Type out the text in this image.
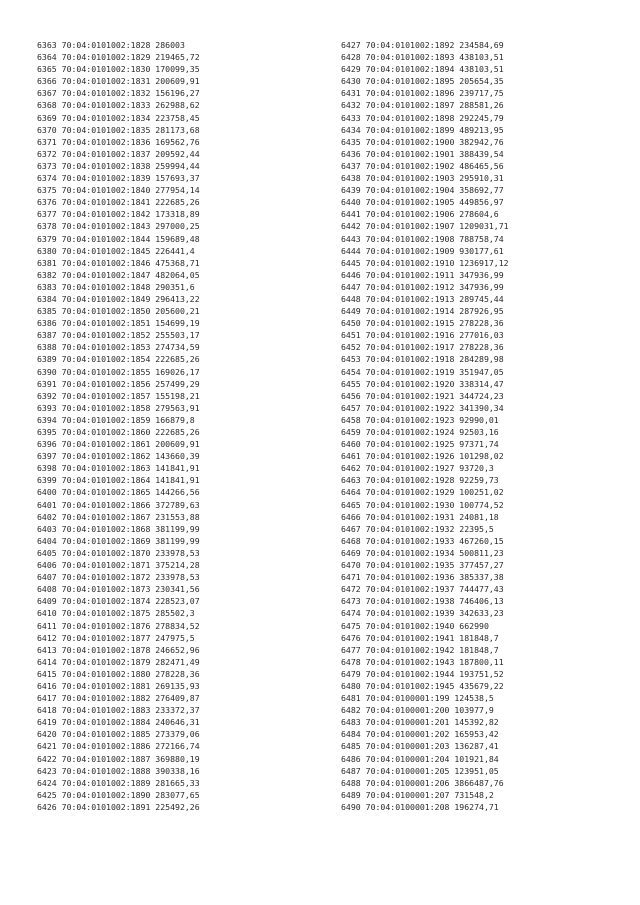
6363 70:04:0101002:1828 286003
6364 70:04:0101002:1829 219465,72
6365 70:04:0101002:1830 170099,35
6366 70:04:0101002:1831 200609,91
6367 70:04:0101002:1832 156196,27
6368 70:04:0101002:1833 262988,62
6369 70:04:0101002:1834 223758,45
6370 70:04:0101002:1835 281173,68
6371 70:04:0101002:1836 169562,76
6372 70:04:0101002:1837 209592,44
6373 70:04:0101002:1838 259994,44
6374 70:04:0101002:1839 157693,37
6375 70:04:0101002:1840 277954,14
6376 70:04:0101002:1841 222685,26
6377 70:04:0101002:1842 173318,89
6378 70:04:0101002:1843 297000,25
6379 70:04:0101002:1844 159689,48
6380 70:04:0101002:1845 226441,4
6381 70:04:0101002:1846 475368,71
6382 70:04:0101002:1847 482064,05
6383 70:04:0101002:1848 290351,6
6384 70:04:0101002:1849 296413,22
6385 70:04:0101002:1850 205600,21
6386 70:04:0101002:1851 154699,19
6387 70:04:0101002:1852 255503,17
6388 70:04:0101002:1853 274734,59
6389 70:04:0101002:1854 222685,26
6390 70:04:0101002:1855 169026,17
6391 70:04:0101002:1856 257499,29
6392 70:04:0101002:1857 155198,21
6393 70:04:0101002:1858 279563,91
6394 70:04:0101002:1859 166879,8
6395 70:04:0101002:1860 222685,26
6396 70:04:0101002:1861 200609,91
6397 70:04:0101002:1862 143660,39
6398 70:04:0101002:1863 141841,91
6399 70:04:0101002:1864 141841,91
6400 70:04:0101002:1865 144266,56
6401 70:04:0101002:1866 372789,63
6402 70:04:0101002:1867 231553,88
6403 70:04:0101002:1868 381199,99
6404 70:04:0101002:1869 381199,99
6405 70:04:0101002:1870 233978,53
6406 70:04:0101002:1871 375214,28
6407 70:04:0101002:1872 233978,53
6408 70:04:0101002:1873 230341,56
6409 70:04:0101002:1874 228523,07
6410 70:04:0101002:1875 285502,3
6411 70:04:0101002:1876 278834,52
6412 70:04:0101002:1877 247975,5
6413 70:04:0101002:1878 246652,96
6414 70:04:0101002:1879 282471,49
6415 70:04:0101002:1880 278228,36
6416 70:04:0101002:1881 269135,93
6417 70:04:0101002:1882 276409,87
6418 70:04:0101002:1883 233372,37
6419 70:04:0101002:1884 240646,31
6420 70:04:0101002:1885 273379,06
6421 70:04:0101002:1886 272166,74
6422 70:04:0101002:1887 369880,19
6423 70:04:0101002:1888 390338,16
6424 70:04:0101002:1889 281665,33
6425 70:04:0101002:1890 283077,65
6426 70:04:0101002:1891 225492,26
6427 70:04:0101002:1892 234584,69
6428 70:04:0101002:1893 438103,51
6429 70:04:0101002:1894 438103,51
6430 70:04:0101002:1895 205654,35
6431 70:04:0101002:1896 239717,75
6432 70:04:0101002:1897 288581,26
6433 70:04:0101002:1898 292245,79
6434 70:04:0101002:1899 489213,95
6435 70:04:0101002:1900 382942,76
6436 70:04:0101002:1901 388439,54
6437 70:04:0101002:1902 486465,56
6438 70:04:0101002:1903 295910,31
6439 70:04:0101002:1904 358692,77
6440 70:04:0101002:1905 449856,97
6441 70:04:0101002:1906 278604,6
6442 70:04:0101002:1907 1209031,71
6443 70:04:0101002:1908 788758,74
6444 70:04:0101002:1909 930177,61
6445 70:04:0101002:1910 1236917,12
6446 70:04:0101002:1911 347936,99
6447 70:04:0101002:1912 347936,99
6448 70:04:0101002:1913 289745,44
6449 70:04:0101002:1914 287926,95
6450 70:04:0101002:1915 278228,36
6451 70:04:0101002:1916 277016,03
6452 70:04:0101002:1917 278228,36
6453 70:04:0101002:1918 284289,98
6454 70:04:0101002:1919 351947,05
6455 70:04:0101002:1920 338314,47
6456 70:04:0101002:1921 344724,23
6457 70:04:0101002:1922 341390,34
6458 70:04:0101002:1923 92990,01
6459 70:04:0101002:1924 92503,16
6460 70:04:0101002:1925 97371,74
6461 70:04:0101002:1926 101298,02
6462 70:04:0101002:1927 93720,3
6463 70:04:0101002:1928 92259,73
6464 70:04:0101002:1929 100251,02
6465 70:04:0101002:1930 100774,52
6466 70:04:0101002:1931 24081,18
6467 70:04:0101002:1932 22395,5
6468 70:04:0101002:1933 467260,15
6469 70:04:0101002:1934 500811,23
6470 70:04:0101002:1935 377457,27
6471 70:04:0101002:1936 385337,38
6472 70:04:0101002:1937 744477,43
6473 70:04:0101002:1938 746406,13
6474 70:04:0101002:1939 342633,23
6475 70:04:0101002:1940 662990
6476 70:04:0101002:1941 181848,7
6477 70:04:0101002:1942 181848,7
6478 70:04:0101002:1943 187800,11
6479 70:04:0101002:1944 193751,52
6480 70:04:0101002:1945 435679,22
6481 70:04:0100001:199 124538,5
6482 70:04:0100001:200 103977,9
6483 70:04:0100001:201 145392,82
6484 70:04:0100001:202 165953,42
6485 70:04:0100001:203 136287,41
6486 70:04:0100001:204 101921,84
6487 70:04:0100001:205 123951,05
6488 70:04:0100001:206 3866487,76
6489 70:04:0100001:207 731548,2
6490 70:04:0100001:208 196274,71
